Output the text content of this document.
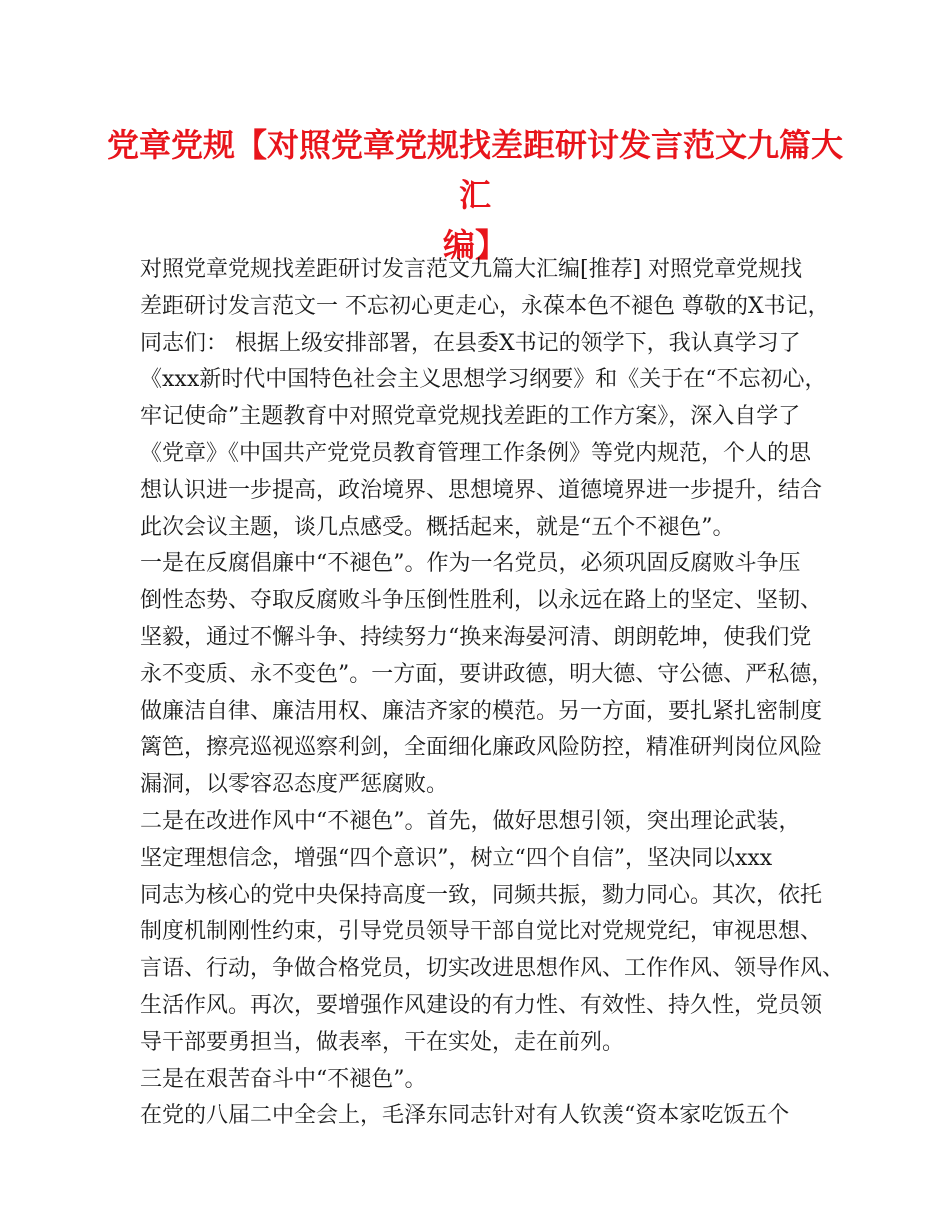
党章党规【对照党章党规找差距研讨发言范文九篇大汇
编】
对照党章党规找差距研讨发言范文九篇大汇编[推荐] 对照党章党规找
差距研讨发言范文一 不忘初心更走心，永葆本色不褪色 尊敬的X书记，
同志们： 根据上级安排部署，在县委X书记的领学下，我认真学习了
《xxx新时代中国特色社会主义思想学习纲要》和《关于在“不忘初心，
牢记使命”主题教育中对照党章党规找差距的工作方案》，深入自学了
《党章》《中国共产党党员教育管理工作条例》等党内规范，个人的思
想认识进一步提高，政治境界、思想境界、道德境界进一步提升，结合
此次会议主题，谈几点感受。概括起来，就是“五个不褪色”。
一是在反腐倡廉中“不褪色”。作为一名党员，必须巩固反腐败斗争压
倒性态势、夺取反腐败斗争压倒性胜利，以永远在路上的坚定、坚韧、
坚毅，通过不懈斗争、持续努力“换来海晏河清、朗朗乾坤，使我们党
永不变质、永不变色”。一方面，要讲政德，明大德、守公德、严私德，
做廉洁自律、廉洁用权、廉洁齐家的模范。另一方面，要扎紧扎密制度
篱笆，擦亮巡视巡察利剑，全面细化廉政风险防控，精准研判岗位风险
漏洞，以零容忍态度严惩腐败。
二是在改进作风中“不褪色”。首先，做好思想引领，突出理论武装，
坚定理想信念，增强“四个意识”，树立“四个自信”，坚决同以xxx
同志为核心的党中央保持高度一致，同频共振，勠力同心。其次，依托
制度机制刚性约束，引导党员领导干部自觉比对党规党纪，审视思想、
言语、行动，争做合格党员，切实改进思想作风、工作作风、领导作风、
生活作风。再次，要增强作风建设的有力性、有效性、持久性，党员领
导干部要勇担当，做表率，干在实处，走在前列。
三是在艰苦奋斗中“不褪色”。
在党的八届二中全会上，毛泽东同志针对有人钦羡“资本家吃饭五个
